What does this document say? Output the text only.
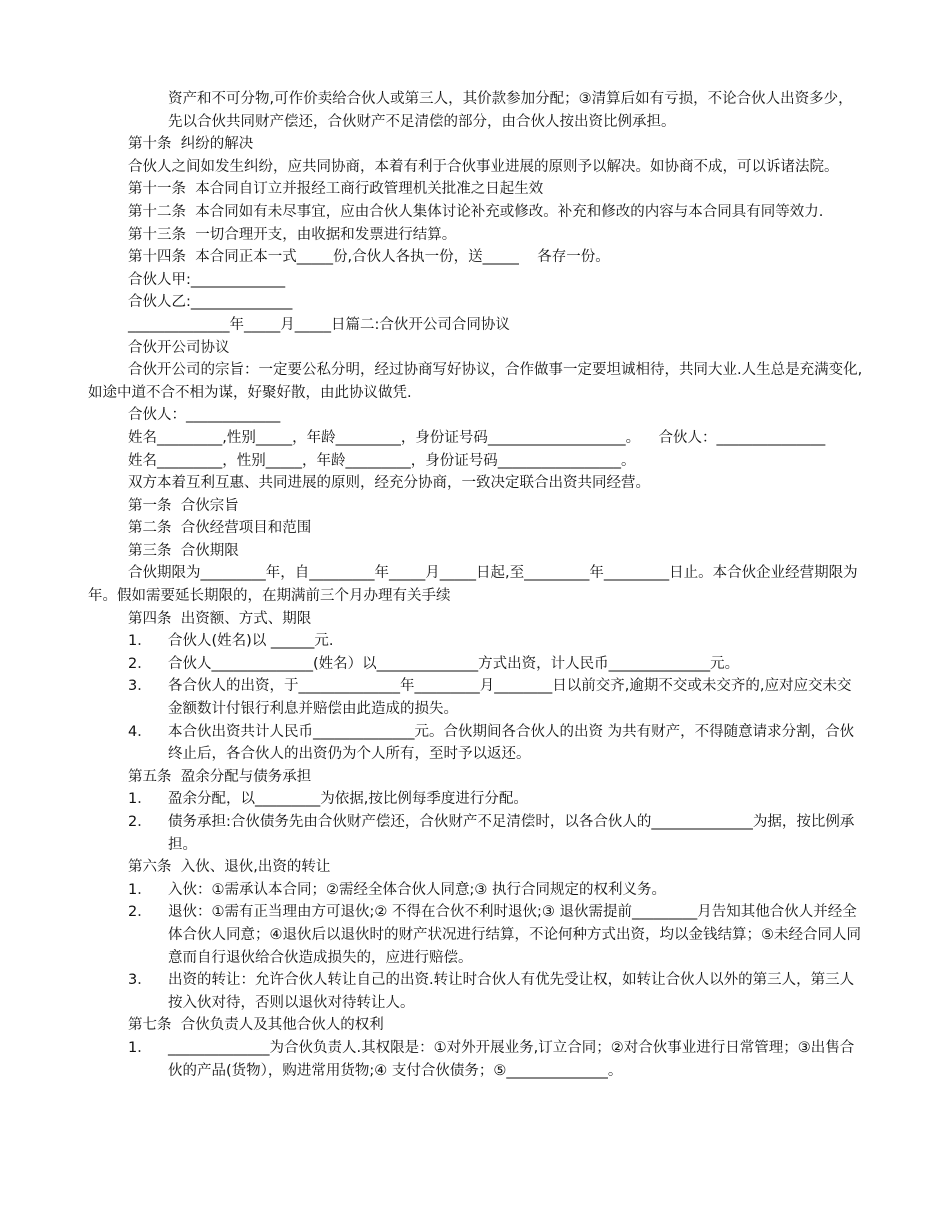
资产和不可分物,可作价卖给合伙人或第三人，其价款参加分配；③清算后如有亏损，不论合伙人出资多少，先以合伙共同财产偿还，合伙财产不足清偿的部分，由合伙人按出资比例承担。

第十条  纠纷的解决

合伙人之间如发生纠纷，应共同协商，本着有利于合伙事业进展的原则予以解决。如协商不成，可以诉诸法院。

第十一条  本合同自订立并报经工商行政管理机关批准之日起生效

第十二条  本合同如有未尽事宜，应由合伙人集体讨论补充或修改。补充和修改的内容与本合同具有同等效力.

第十三条  一切合理开支，由收据和发票进行结算。

第十四条  本合同正本一式_____份,合伙人各执一份，送_____    各存一份。

合伙人甲:_____________

合伙人乙:______________

______________年_____月_____日篇二:合伙开公司合同协议

合伙开公司协议

合伙开公司的宗旨：一定要公私分明，经过协商写好协议，合作做事一定要坦诚相待，共同大业.人生总是充满变化,如途中道不合不相为谋，好聚好散，由此协议做凭.

合伙人：_____________

姓名_________,性别_____，年龄_________，身份证号码___________________。    合伙人：_______________

姓名_________，性别_____，年龄_________，身份证号码_________________。

双方本着互利互惠、共同进展的原则，经充分协商，一致决定联合出资共同经营。

第一条  合伙宗旨

第二条  合伙经营项目和范围

第三条  合伙期限

合伙期限为_________年，自_________年_____月_____日起,至_________年_________日止。本合伙企业经营期限为年。假如需要延长期限的，在期满前三个月办理有关手续

第四条  出资额、方式、期限

1． 合伙人(姓名)以 ______元.
2． 合伙人______________(姓名）以______________方式出资，计人民币______________元。
3． 各合伙人的出资，于______________年_________月________日以前交齐,逾期不交或未交齐的,应对应交未交金额数计付银行利息并赔偿由此造成的损失。
4． 本合伙出资共计人民币______________元。合伙期间各合伙人的出资 为共有财产，不得随意请求分割，合伙终止后，各合伙人的出资仍为个人所有，至时予以返还。

第五条  盈余分配与债务承担

1． 盈余分配，以_________为依据,按比例每季度进行分配。
2． 债务承担:合伙债务先由合伙财产偿还，合伙财产不足清偿时，以各合伙人的______________为据，按比例承担。

第六条  入伙、退伙,出资的转让

1． 入伙：①需承认本合同；②需经全体合伙人同意;③ 执行合同规定的权利义务。
2． 退伙：①需有正当理由方可退伙;② 不得在合伙不利时退伙;③ 退伙需提前_________月告知其他合伙人并经全体合伙人同意；④退伙后以退伙时的财产状况进行结算，不论何种方式出资，均以金钱结算；⑤未经合同人同意而自行退伙给合伙造成损失的，应进行赔偿。
3． 出资的转让：允许合伙人转让自己的出资.转让时合伙人有优先受让权，如转让合伙人以外的第三人，第三人按入伙对待，否则以退伙对待转让人。

第七条  合伙负责人及其他合伙人的权利

1． ______________为合伙负责人.其权限是：①对外开展业务,订立合同；②对合伙事业进行日常管理；③出售合伙的产品(货物），购进常用货物;④ 支付合伙债务；⑤______________。
